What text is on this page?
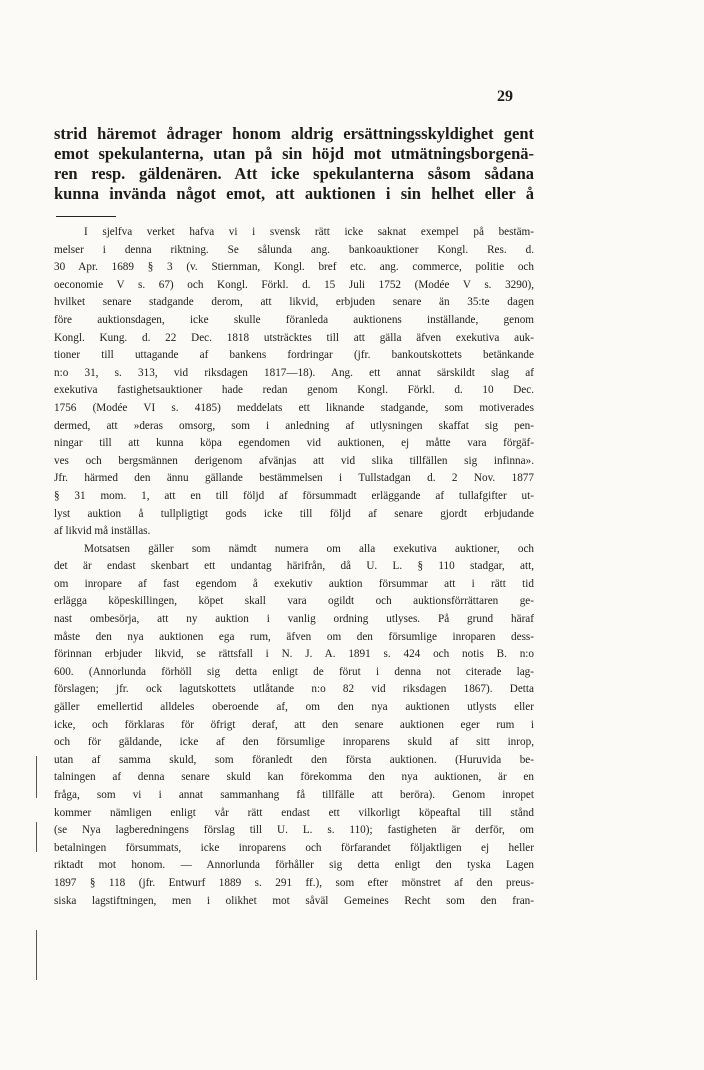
29
strid häremot ådrager honom aldrig ersättningsskyldighet gent
emot spekulanterna, utan på sin höjd mot utmätningsborgenä-
ren resp. gäldenären. Att icke spekulanterna såsom sådana
kunna invända något emot, att auktionen i sin helhet eller å
I sjelfva verket hafva vi i svensk rätt icke saknat exempel på bestäm-
melser i denna riktning. Se sålunda ang. bankoauktioner Kongl. Res. d.
30 Apr. 1689 § 3 (v. Stiernman, Kongl. bref etc. ang. commerce, politie och
oeconomie V s. 67) och Kongl. Förkl. d. 15 Juli 1752 (Modée V s. 3290),
hvilket senare stadgande derom, att likvid, erbjuden senare än 35:te dagen
före auktionsdagen, icke skulle föranleda auktionens inställande, genom
Kongl. Kung. d. 22 Dec. 1818 utsträcktes till att gälla äfven exekutiva auk-
tioner till uttagande af bankens fordringar (jfr. bankoutskottets betänkande
n:o 31, s. 313, vid riksdagen 1817—18). Ang. ett annat särskildt slag af
exekutiva fastighetsauktioner hade redan genom Kongl. Förkl. d. 10 Dec.
1756 (Modée VI s. 4185) meddelats ett liknande stadgande, som motiverades
dermed, att »deras omsorg, som i anledning af utlysningen skaffat sig pen-
ningar till att kunna köpa egendomen vid auktionen, ej måtte vara förgäf-
ves och bergsmännen derigenom afvänjas att vid slika tillfällen sig infinna».
Jfr. härmed den ännu gällande bestämmelsen i Tullstadgan d. 2 Nov. 1877
§ 31 mom. 1, att en till följd af försummadt erläggande af tullafgifter ut-
lyst auktion å tullpligtigt gods icke till följd af senare gjordt erbjudande
af likvid må inställas.
Motsatsen gäller som nämdt numera om alla exekutiva auktioner, och
det är endast skenbart ett undantag härifrån, då U. L. § 110 stadgar, att,
om inropare af fast egendom å exekutiv auktion försummar att i rätt tid
erlägga köpeskillingen, köpet skall vara ogildt och auktionsförrättaren ge-
nast ombesörja, att ny auktion i vanlig ordning utlyses. På grund häraf
måste den nya auktionen ega rum, äfven om den försumlige inroparen dess-
förinnan erbjuder likvid, se rättsfall i N. J. A. 1891 s. 424 och notis B. n:o
600. (Annorlunda förhöll sig detta enligt de förut i denna not citerade lag-
förslagen; jfr. ock lagutskottets utlåtande n:o 82 vid riksdagen 1867). Detta
gäller emellertid alldeles oberoende af, om den nya auktionen utlysts eller
icke, och förklaras för öfrigt deraf, att den senare auktionen eger rum i
och för gäldande, icke af den försumlige inroparens skuld af sitt inrop,
utan af samma skuld, som föranledt den första auktionen. (Huruvida be-
talningen af denna senare skuld kan förekomma den nya auktionen, är en
fråga, som vi i annat sammanhang få tillfälle att beröra). Genom inropet
kommer nämligen enligt vår rätt endast ett vilkorligt köpeaftal till stånd
(se Nya lagberedningens förslag till U. L. s. 110); fastigheten är derför, om
betalningen försummats, icke inroparens och förfarandet följaktligen ej heller
riktadt mot honom. — Annorlunda förhåller sig detta enligt den tyska Lagen
1897 § 118 (jfr. Entwurf 1889 s. 291 ff.), som efter mönstret af den preus-
siska lagstiftningen, men i olikhet mot såväl Gemeines Recht som den fran-
